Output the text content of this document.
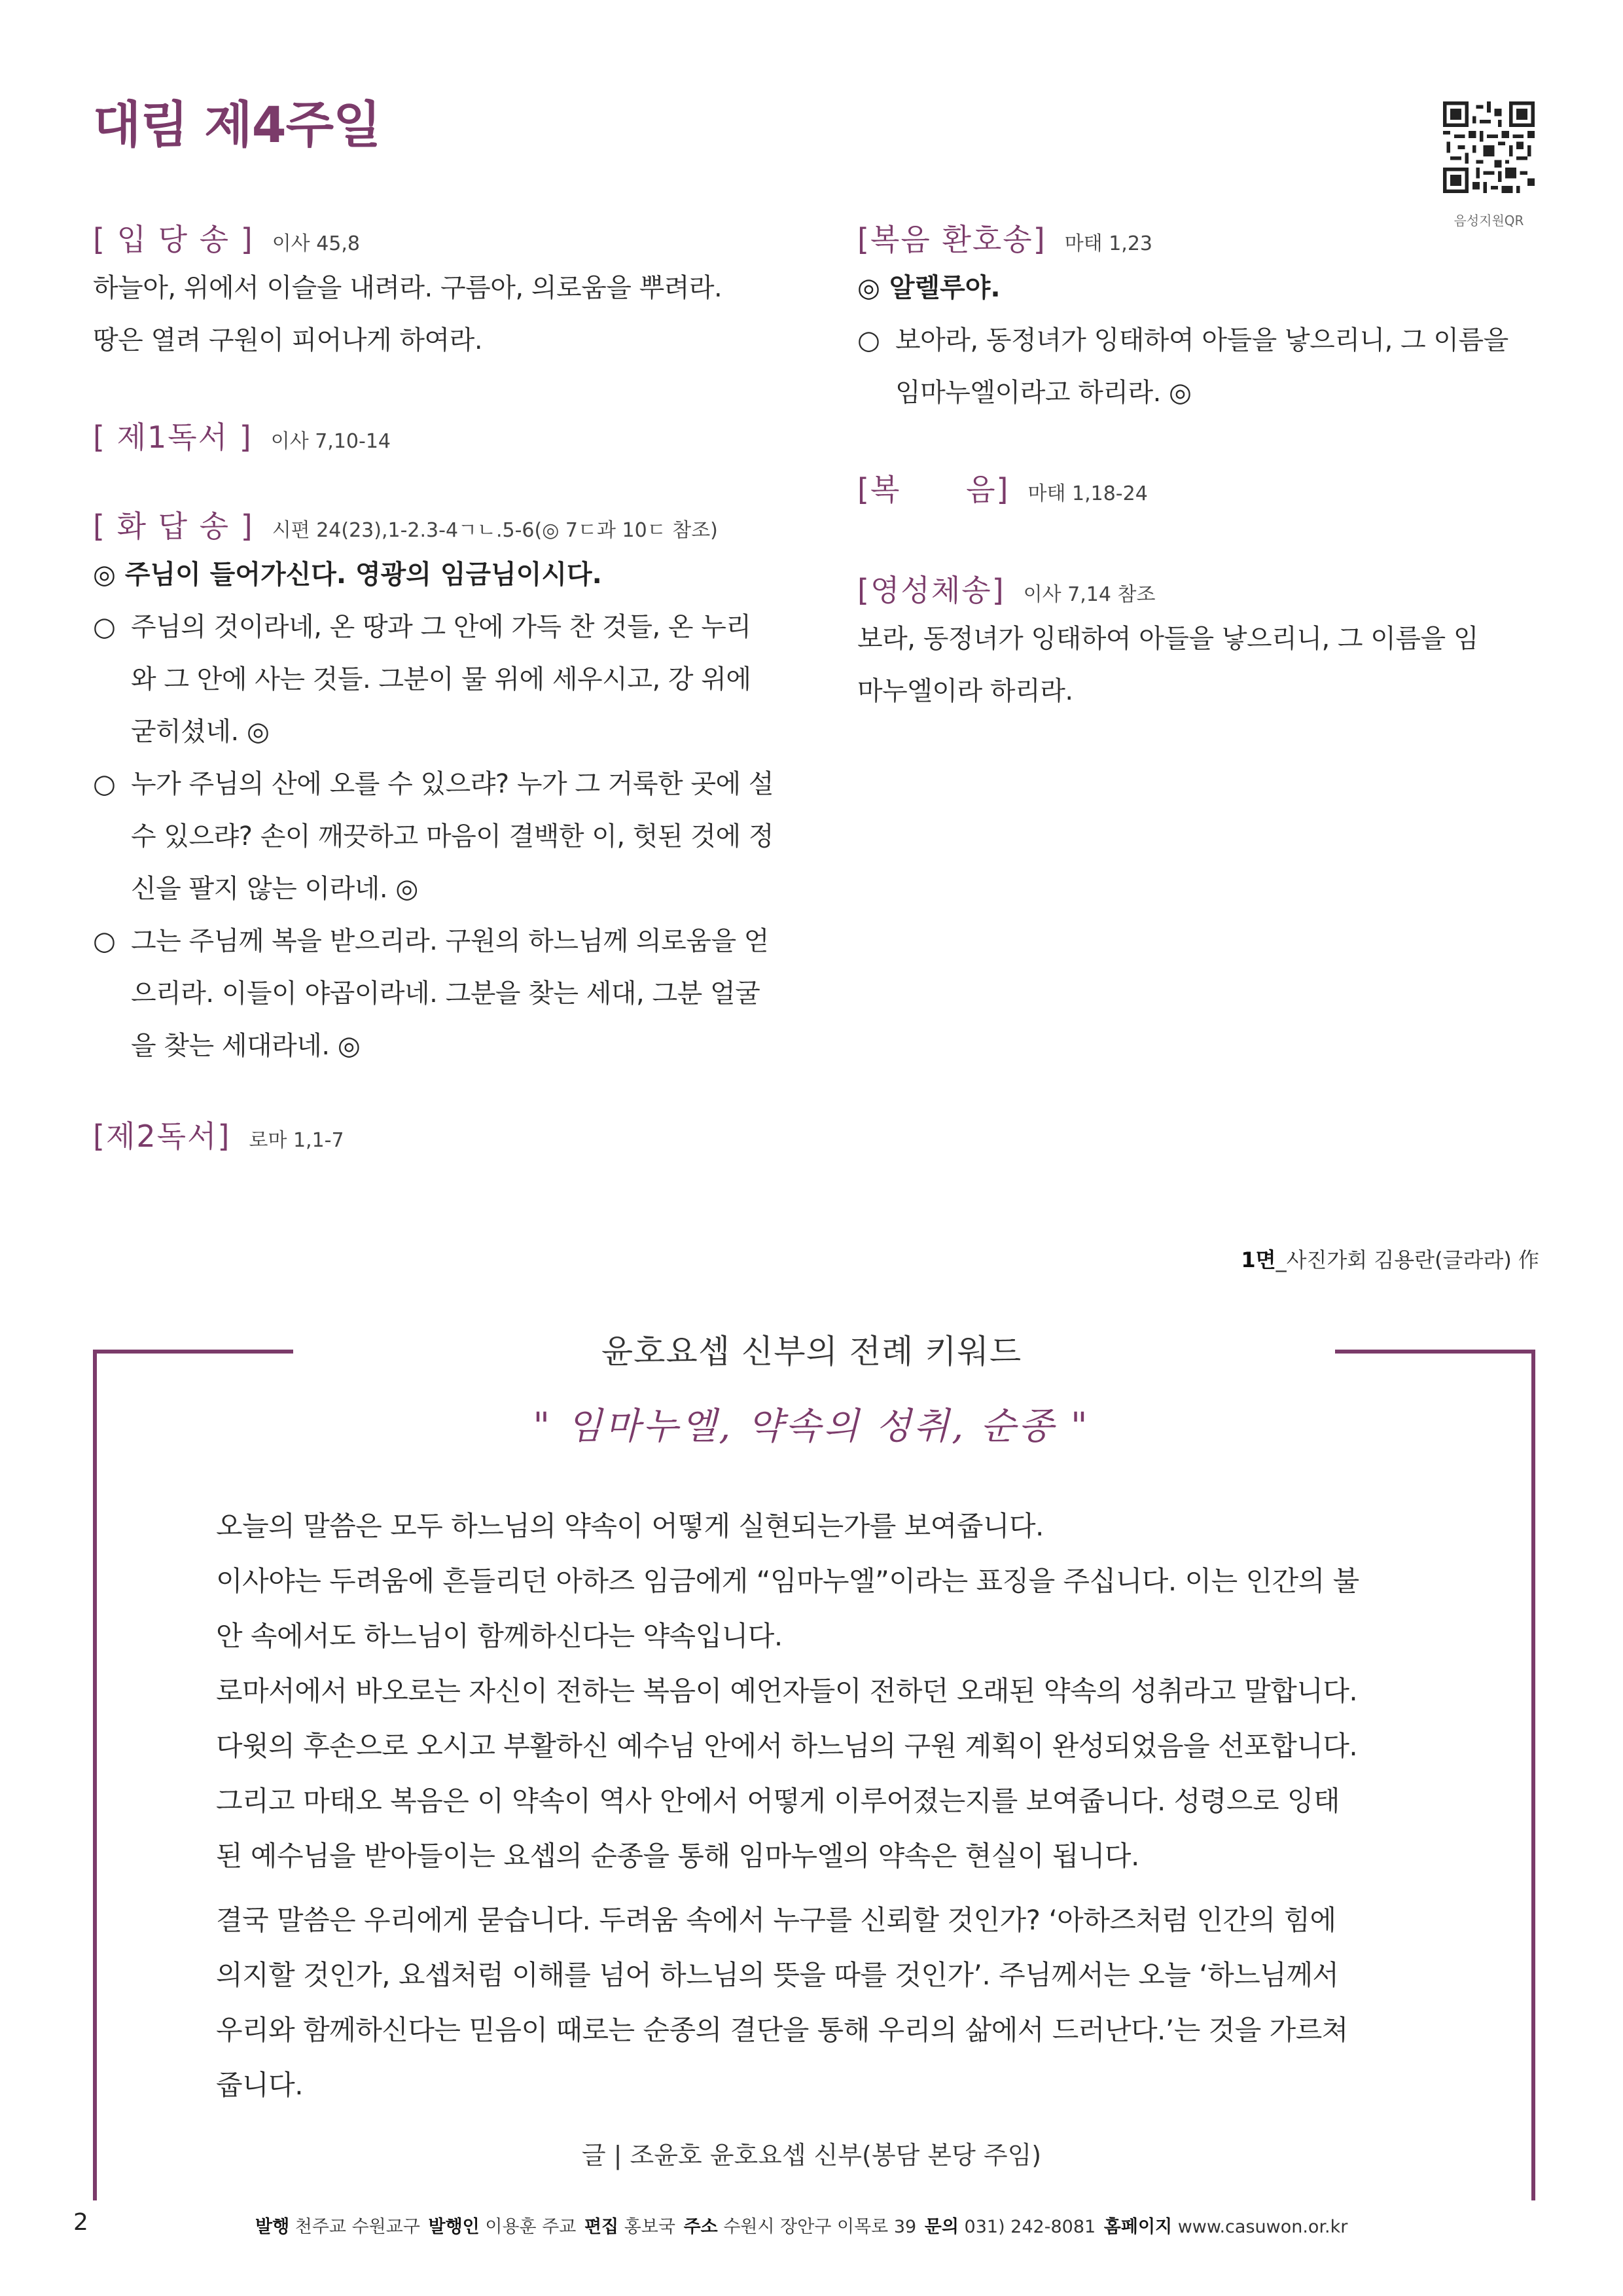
대림 제4주일
음성지원QR
[ 입 당 송 ] 이사 45,8
하늘아, 위에서 이슬을 내려라. 구름아, 의로움을 뿌려라.
땅은 열려 구원이 피어나게 하여라.
[ 제1독서 ] 이사 7,10-14
[ 화 답 송 ] 시편 24(23),1-2.3-4ㄱㄴ.5-6(◎ 7ㄷ과 10ㄷ 참조)
◎ 주님이 들어가신다. 영광의 임금님이시다.
○ 주님의 것이라네, 온 땅과 그 안에 가득 찬 것들, 온 누리와 그 안에 사는 것들. 그분이 물 위에 세우시고, 강 위에 굳히셨네. ◎
○ 누가 주님의 산에 오를 수 있으랴? 누가 그 거룩한 곳에 설 수 있으랴? 손이 깨끗하고 마음이 결백한 이, 헛된 것에 정신을 팔지 않는 이라네. ◎
○ 그는 주님께 복을 받으리라. 구원의 하느님께 의로움을 얻으리라. 이들이 야곱이라네. 그분을 찾는 세대, 그분 얼굴을 찾는 세대라네. ◎
[제2독서] 로마 1,1-7
[복음 환호송] 마태 1,23
◎ 알렐루야.
○ 보아라, 동정녀가 잉태하여 아들을 낳으리니, 그 이름을 임마누엘이라고 하리라. ◎
[복      음] 마태 1,18-24
[영성체송] 이사 7,14 참조
보라, 동정녀가 잉태하여 아들을 낳으리니, 그 이름을 임
마누엘이라 하리라.
1면_사진가회 김용란(글라라) 作
윤호요셉 신부의 전례 키워드
" 임마누엘, 약속의 성취, 순종 "
오늘의 말씀은 모두 하느님의 약속이 어떻게 실현되는가를 보여줍니다.
이사야는 두려움에 흔들리던 아하즈 임금에게 “임마누엘”이라는 표징을 주십니다. 이는 인간의 불
안 속에서도 하느님이 함께하신다는 약속입니다.
로마서에서 바오로는 자신이 전하는 복음이 예언자들이 전하던 오래된 약속의 성취라고 말합니다.
다윗의 후손으로 오시고 부활하신 예수님 안에서 하느님의 구원 계획이 완성되었음을 선포합니다.
그리고 마태오 복음은 이 약속이 역사 안에서 어떻게 이루어졌는지를 보여줍니다. 성령으로 잉태
된 예수님을 받아들이는 요셉의 순종을 통해 임마누엘의 약속은 현실이 됩니다.
결국 말씀은 우리에게 묻습니다. 두려움 속에서 누구를 신뢰할 것인가? ‘아하즈처럼 인간의 힘에
의지할 것인가, 요셉처럼 이해를 넘어 하느님의 뜻을 따를 것인가’. 주님께서는 오늘 ‘하느님께서
우리와 함께하신다는 믿음이 때로는 순종의 결단을 통해 우리의 삶에서 드러난다.’는 것을 가르쳐
줍니다.
글 | 조윤호 윤호요셉 신부(봉담 본당 주임)
2	발행 천주교 수원교구 발행인 이용훈 주교 편집 홍보국 주소 수원시 장안구 이목로 39 문의 031) 242-8081 홈페이지 www.casuwon.or.kr
